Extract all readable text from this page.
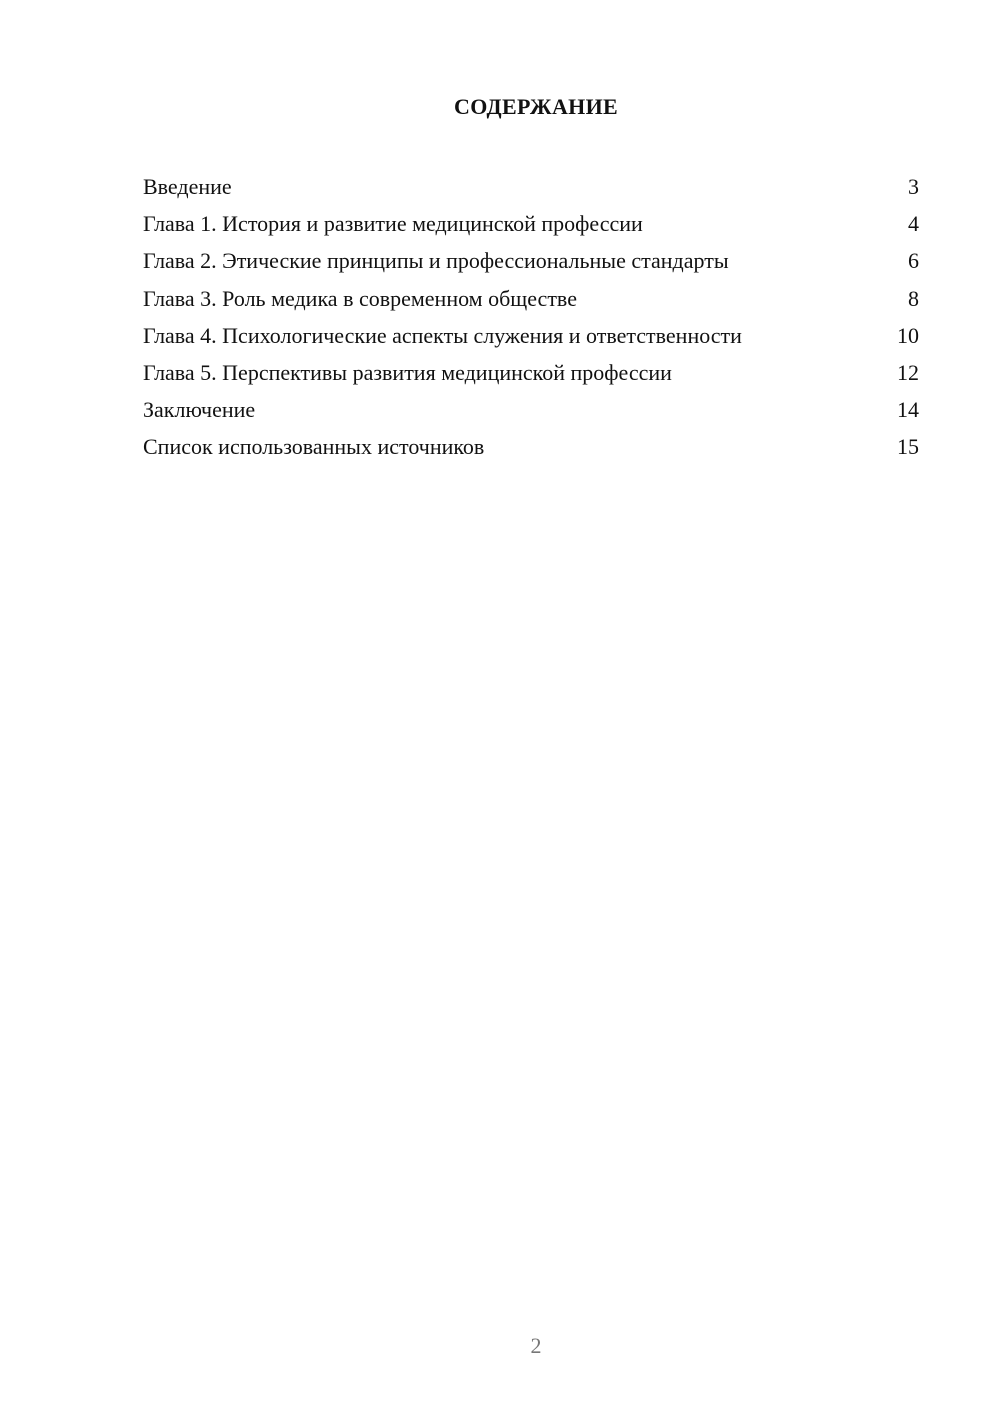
СОДЕРЖАНИЕ
Введение	3
Глава 1. История и развитие медицинской профессии	4
Глава 2. Этические принципы и профессиональные стандарты	6
Глава 3. Роль медика в современном обществе	8
Глава 4. Психологические аспекты служения и ответственности	10
Глава 5. Перспективы развития медицинской профессии	12
Заключение	14
Список использованных источников	15
2
